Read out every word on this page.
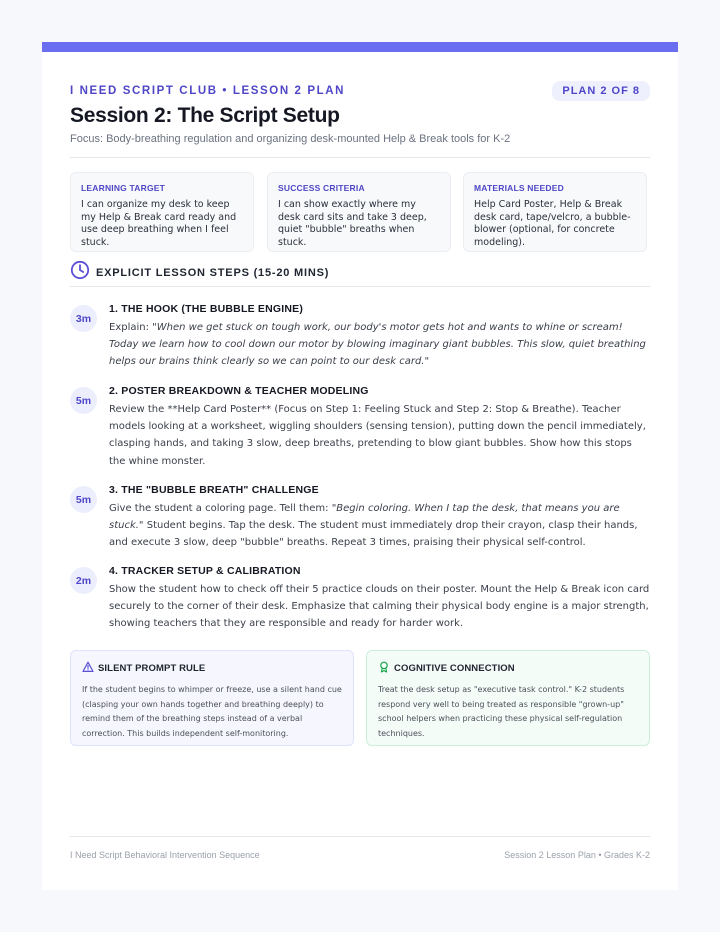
I NEED SCRIPT CLUB • LESSON 2 PLAN	PLAN 2 OF 8
Session 2: The Script Setup
Focus: Body-breathing regulation and organizing desk-mounted Help & Break tools for K-2
LEARNING TARGET
I can organize my desk to keep my Help & Break card ready and use deep breathing when I feel stuck.
SUCCESS CRITERIA
I can show exactly where my desk card sits and take 3 deep, quiet "bubble" breaths when stuck.
MATERIALS NEEDED
Help Card Poster, Help & Break desk card, tape/velcro, a bubble-blower (optional, for concrete modeling).
EXPLICIT LESSON STEPS (15-20 MINS)
3m
1. THE HOOK (THE BUBBLE ENGINE)
Explain: "When we get stuck on tough work, our body's motor gets hot and wants to whine or scream! Today we learn how to cool down our motor by blowing imaginary giant bubbles. This slow, quiet breathing helps our brains think clearly so we can point to our desk card."
5m
2. POSTER BREAKDOWN & TEACHER MODELING
Review the **Help Card Poster** (Focus on Step 1: Feeling Stuck and Step 2: Stop & Breathe). Teacher models looking at a worksheet, wiggling shoulders (sensing tension), putting down the pencil immediately, clasping hands, and taking 3 slow, deep breaths, pretending to blow giant bubbles. Show how this stops the whine monster.
5m
3. THE "BUBBLE BREATH" CHALLENGE
Give the student a coloring page. Tell them: "Begin coloring. When I tap the desk, that means you are stuck." Student begins. Tap the desk. The student must immediately drop their crayon, clasp their hands, and execute 3 slow, deep "bubble" breaths. Repeat 3 times, praising their physical self-control.
2m
4. TRACKER SETUP & CALIBRATION
Show the student how to check off their 5 practice clouds on their poster. Mount the Help & Break icon card securely to the corner of their desk. Emphasize that calming their physical body engine is a major strength, showing teachers that they are responsible and ready for harder work.
SILENT PROMPT RULE
If the student begins to whimper or freeze, use a silent hand cue (clasping your own hands together and breathing deeply) to remind them of the breathing steps instead of a verbal correction. This builds independent self-monitoring.
COGNITIVE CONNECTION
Treat the desk setup as "executive task control." K-2 students respond very well to being treated as responsible "grown-up" school helpers when practicing these physical self-regulation techniques.
I Need Script Behavioral Intervention Sequence	Session 2 Lesson Plan • Grades K-2
